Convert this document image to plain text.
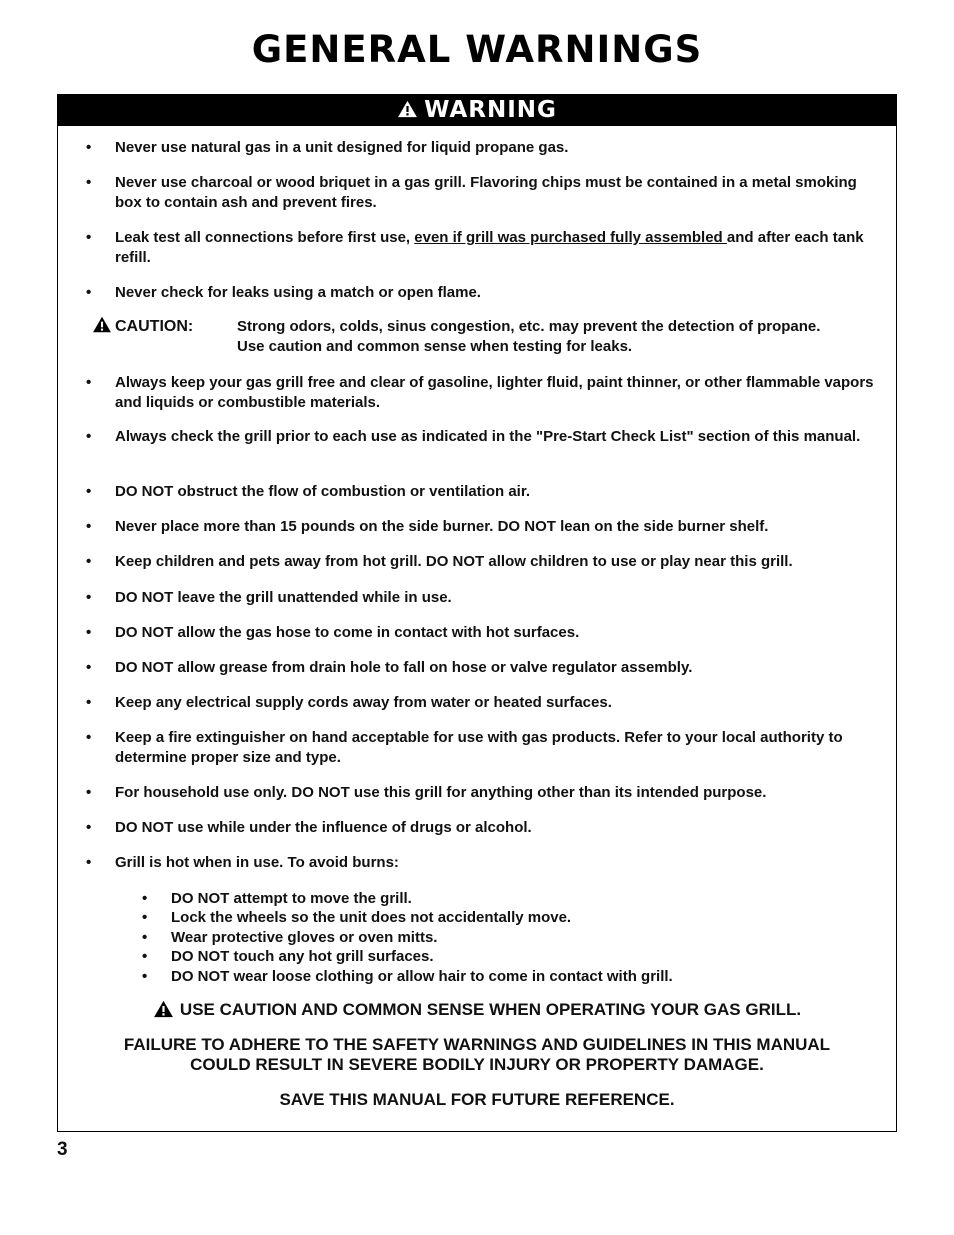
GENERAL WARNINGS
WARNING
• Never use natural gas in a unit designed for liquid propane gas.
• Never use charcoal or wood briquet in a gas grill. Flavoring chips must be contained in a metal smoking box to contain ash and prevent fires.
• Leak test all connections before first use, even if grill was purchased fully assembled and after each tank refill.
• Never check for leaks using a match or open flame.
CAUTION:	Strong odors, colds, sinus congestion, etc. may prevent the detection of propane. Use caution and common sense when testing for leaks.
• Always keep your gas grill free and clear of gasoline, lighter fluid, paint thinner, or other flammable vapors and liquids or combustible materials.
• Always check the grill prior to each use as indicated in the "Pre-Start Check List" section of this manual.
• DO NOT obstruct the flow of combustion or ventilation air.
• Never place more than 15 pounds on the side burner. DO NOT lean on the side burner shelf.
• Keep children and pets away from hot grill. DO NOT allow children to use or play near this grill.
• DO NOT leave the grill unattended while in use.
• DO NOT allow the gas hose to come in contact with hot surfaces.
• DO NOT allow grease from drain hole to fall on hose or valve regulator assembly.
• Keep any electrical supply cords away from water or heated surfaces.
• Keep a fire extinguisher on hand acceptable for use with gas products. Refer to your local authority to determine proper size and type.
• For household use only. DO NOT use this grill for anything other than its intended purpose.
• DO NOT use while under the influence of drugs or alcohol.
• Grill is hot when in use. To avoid burns:
• DO NOT attempt to move the grill.
• Lock the wheels so the unit does not accidentally move.
• Wear protective gloves or oven mitts.
• DO NOT touch any hot grill surfaces.
• DO NOT wear loose clothing or allow hair to come in contact with grill.
USE CAUTION AND COMMON SENSE WHEN OPERATING YOUR GAS GRILL.
FAILURE TO ADHERE TO THE SAFETY WARNINGS AND GUIDELINES IN THIS MANUAL
COULD RESULT IN SEVERE BODILY INJURY OR PROPERTY DAMAGE.
SAVE THIS MANUAL FOR FUTURE REFERENCE.
3
